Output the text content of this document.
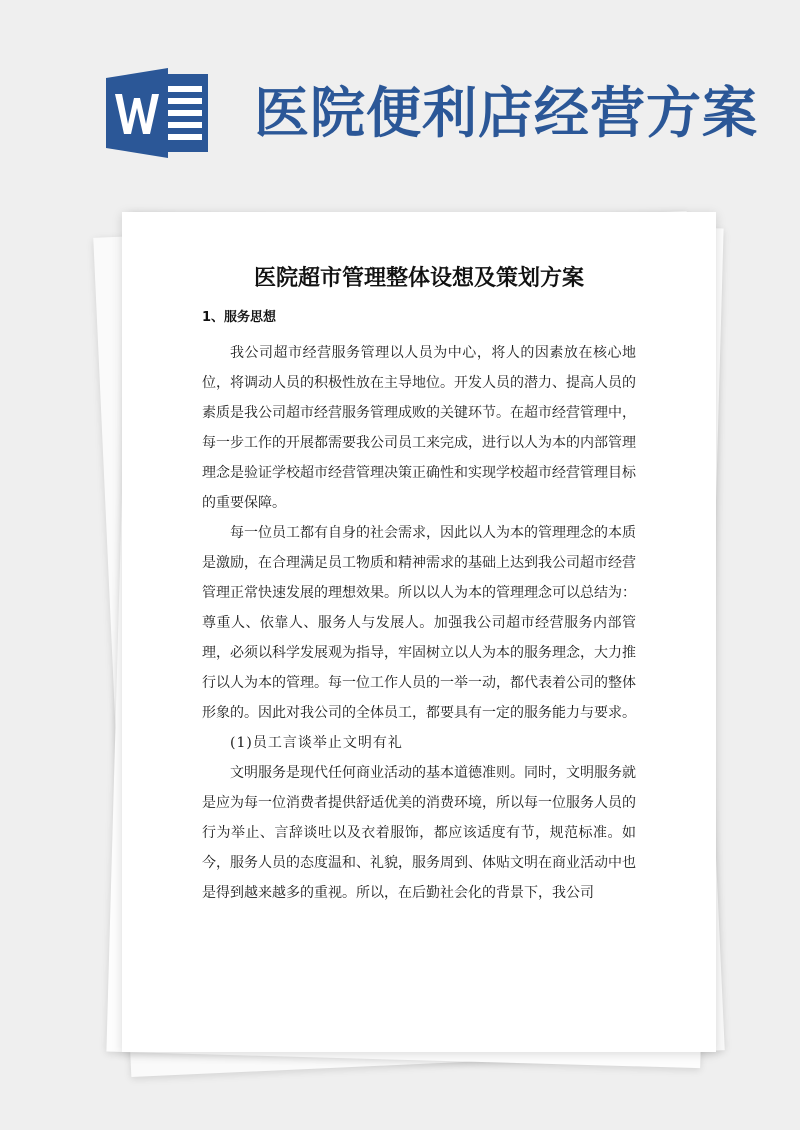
医院便利店经营方案
医院超市管理整体设想及策划方案
1、服务思想

我公司超市经营服务管理以人员为中心，将人的因素放在核心地位，将调动人员的积极性放在主导地位。开发人员的潜力、提高人员的素质是我公司超市经营服务管理成败的关键环节。在超市经营管理中，每一步工作的开展都需要我公司员工来完成，进行以人为本的内部管理理念是验证学校超市经营管理决策正确性和实现学校超市经营管理目标的重要保障。

每一位员工都有自身的社会需求，因此以人为本的管理理念的本质是激励，在合理满足员工物质和精神需求的基础上达到我公司超市经营管理正常快速发展的理想效果。所以以人为本的管理理念可以总结为：尊重人、依靠人、服务人与发展人。加强我公司超市经营服务内部管理，必须以科学发展观为指导，牢固树立以人为本的服务理念，大力推行以人为本的管理。每一位工作人员的一举一动，都代表着公司的整体形象的。因此对我公司的全体员工，都要具有一定的服务能力与要求。

(1)员工言谈举止文明有礼

文明服务是现代任何商业活动的基本道德准则。同时，文明服务就是应为每一位消费者提供舒适优美的消费环境，所以每一位服务人员的行为举止、言辞谈吐以及衣着服饰，都应该适度有节，规范标准。如今，服务人员的态度温和、礼貌，服务周到、体贴文明在商业活动中也是得到越来越多的重视。所以，在后勤社会化的背景下，我公司
